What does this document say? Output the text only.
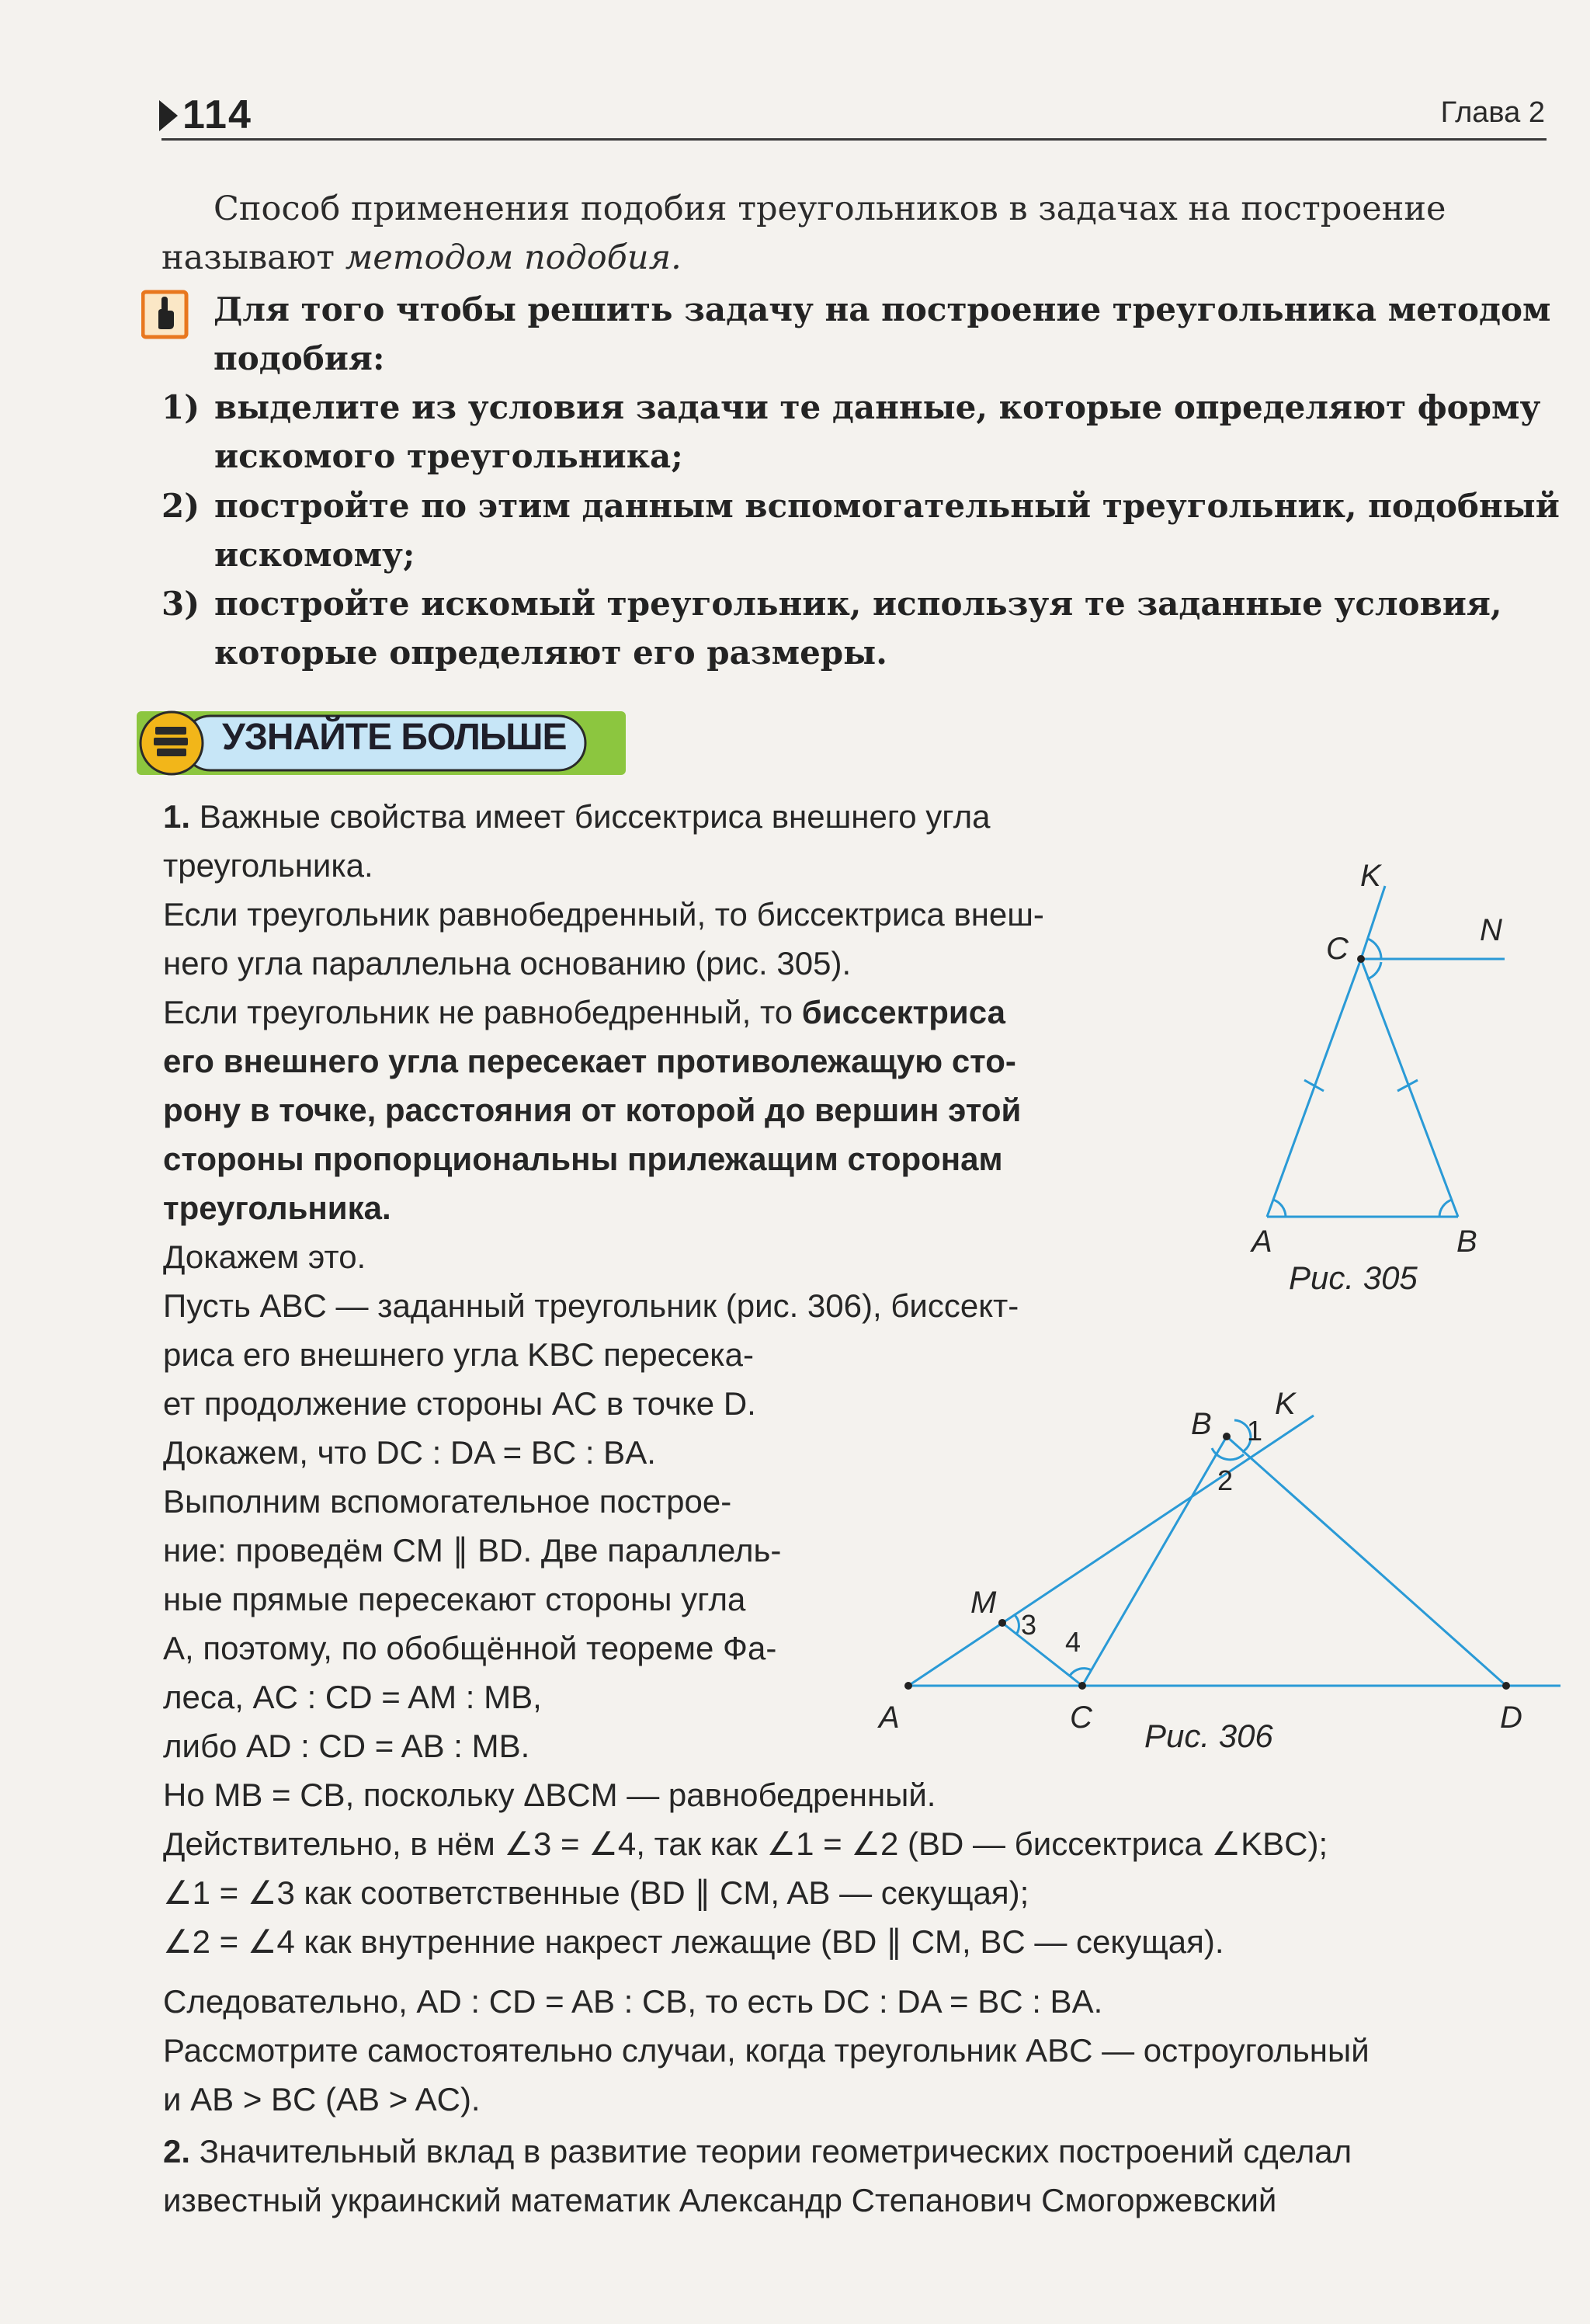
114	Глава 2
Способ применения подобия треугольников в задачах на построение
называют методом подобия.
Для того чтобы решить задачу на построение треугольника методом
подобия:
1) выделите из условия задачи те данные, которые определяют форму
искомого треугольника;
2) постройте по этим данным вспомогательный треугольник, подобный
искомому;
3) постройте искомый треугольник, используя те заданные условия,
которые определяют его размеры.
УЗНАЙТЕ БОЛЬШЕ
1. Важные свойства имеет биссектриса внешнего угла
треугольника.
Если треугольник равнобедренный, то биссектриса внеш-
него угла параллельна основанию (рис. 305).
Если треугольник не равнобедренный, то биссектриса
его внешнего угла пересекает противолежащую сто-
рону в точке, расстояния от которой до вершин этой
стороны пропорциональны прилежащим сторонам
треугольника.
Докажем это.
Пусть ABC — заданный треугольник (рис. 306), биссект-
риса его внешнего угла KBC пересека-
ет продолжение стороны AC в точке D.
Докажем, что DC : DA = BC : BA.
Выполним вспомогательное построе-
ние: проведём CM ∥ BD. Две параллель-
ные прямые пересекают стороны угла
A, поэтому, по обобщённой теореме Фа-
леса, AC : CD = AM : MB,
либо AD : CD = AB : MB.
Но MB = CB, поскольку ΔBCM — равнобедренный.
Действительно, в нём ∠3 = ∠4, так как ∠1 = ∠2 (BD — биссектриса ∠KBC);
∠1 = ∠3 как соответственные (BD ∥ CM, AB — секущая);
∠2 = ∠4 как внутренние накрест лежащие (BD ∥ CM, BC — секущая).
Следовательно, AD : CD = AB : CB, то есть DC : DA = BC : BA.
Рассмотрите самостоятельно случаи, когда треугольник ABC — остроугольный
и AB > BC (AB > AC).
2. Значительный вклад в развитие теории геометрических построений сделал
известный украинский математик Александр Степанович Смогоржевский
A	B
C
K
N
Рис. 305
A
B
C	D
K
M
1
2
3
4
Рис. 306
